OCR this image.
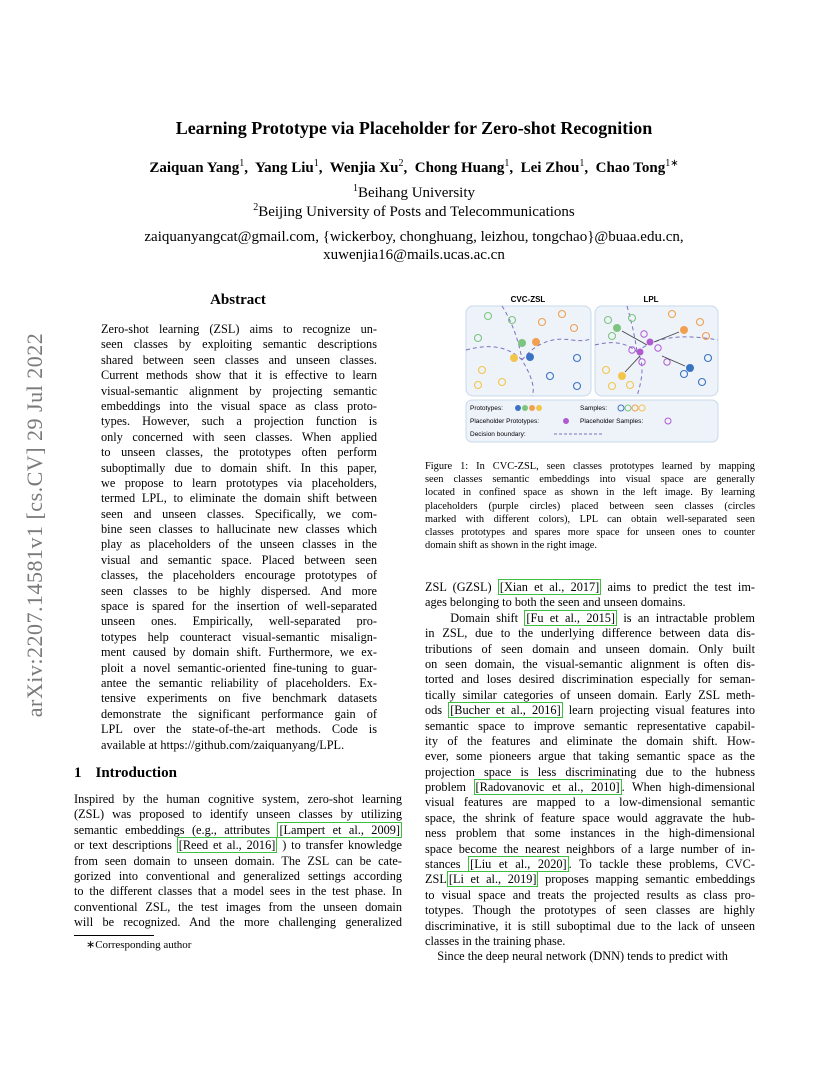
arXiv:2207.14581v1 [cs.CV] 29 Jul 2022
Learning Prototype via Placeholder for Zero-shot Recognition
Zaiquan Yang$^1$,  Yang Liu$^1$,  Wenjia Xu$^2$,  Chong Huang$^1$,  Lei Zhou$^1$,  Chao Tong$^{1∗}$
$^1$Beihang University
$^2$Beijing University of Posts and Telecommunications
zaiquanyangcat@gmail.com, {wickerboy, chonghuang, leizhou, tongchao}@buaa.edu.cn,
xuwenjia16@mails.ucas.ac.cn
Abstract
Zero-shot learning (ZSL) aims to recognize un-
seen classes by exploiting semantic descriptions
shared between seen classes and unseen classes.
Current methods show that it is effective to learn
visual-semantic alignment by projecting semantic
embeddings into the visual space as class proto-
types. However, such a projection function is
only concerned with seen classes. When applied
to unseen classes, the prototypes often perform
suboptimally due to domain shift. In this paper,
we propose to learn prototypes via placeholders,
termed LPL, to eliminate the domain shift between
seen and unseen classes. Specifically, we com-
bine seen classes to hallucinate new classes which
play as placeholders of the unseen classes in the
visual and semantic space. Placed between seen
classes, the placeholders encourage prototypes of
seen classes to be highly dispersed. And more
space is spared for the insertion of well-separated
unseen ones. Empirically, well-separated pro-
totypes help counteract visual-semantic misalign-
ment caused by domain shift. Furthermore, we ex-
ploit a novel semantic-oriented fine-tuning to guar-
antee the semantic reliability of placeholders. Ex-
tensive experiments on five benchmark datasets
demonstrate the significant performance gain of
LPL over the state-of-the-art methods. Code is
available at https://github.com/zaiquanyang/LPL.
1 Introduction
Inspired by the human cognitive system, zero-shot learning
(ZSL) was proposed to identify unseen classes by utilizing
semantic embeddings (e.g., attributes [Lampert et al., 2009]
or text descriptions [Reed et al., 2016] ) to transfer knowledge
from seen domain to unseen domain. The ZSL can be cate-
gorized into conventional and generalized settings according
to the different classes that a model sees in the test phase. In
conventional ZSL, the test images from the unseen domain
will be recognized. And the more challenging generalized
∗Corresponding author
CVC-ZSL	LPL
Prototypes:	Samples:
Placeholder Prototypes:	Placeholder Samples:
Decision boundary:
Figure 1: In CVC-ZSL, seen classes prototypes learned by mapping
seen classes semantic embeddings into visual space are generally
located in confined space as shown in the left image. By learning
placeholders (purple circles) placed between seen classes (circles
marked with different colors), LPL can obtain well-separated seen
classes prototypes and spares more space for unseen ones to counter
domain shift as shown in the right image.
ZSL (GZSL) [Xian et al., 2017] aims to predict the test im-
ages belonging to both the seen and unseen domains.
Domain shift [Fu et al., 2015] is an intractable problem
in ZSL, due to the underlying difference between data dis-
tributions of seen domain and unseen domain. Only built
on seen domain, the visual-semantic alignment is often dis-
torted and loses desired discrimination especially for seman-
tically similar categories of unseen domain. Early ZSL meth-
ods [Bucher et al., 2016] learn projecting visual features into
semantic space to improve semantic representative capabil-
ity of the features and eliminate the domain shift. How-
ever, some pioneers argue that taking semantic space as the
projection space is less discriminating due to the hubness
problem [Radovanovic et al., 2010] . When high-dimensional
visual features are mapped to a low-dimensional semantic
space, the shrink of feature space would aggravate the hub-
ness problem that some instances in the high-dimensional
space become the nearest neighbors of a large number of in-
stances [Liu et al., 2020] . To tackle these problems, CVC-
ZSL [Li et al., 2019] proposes mapping semantic embeddings
to visual space and treats the projected results as class pro-
totypes. Though the prototypes of seen classes are highly
discriminative, it is still suboptimal due to the lack of unseen
classes in the training phase.
Since the deep neural network (DNN) tends to predict with
